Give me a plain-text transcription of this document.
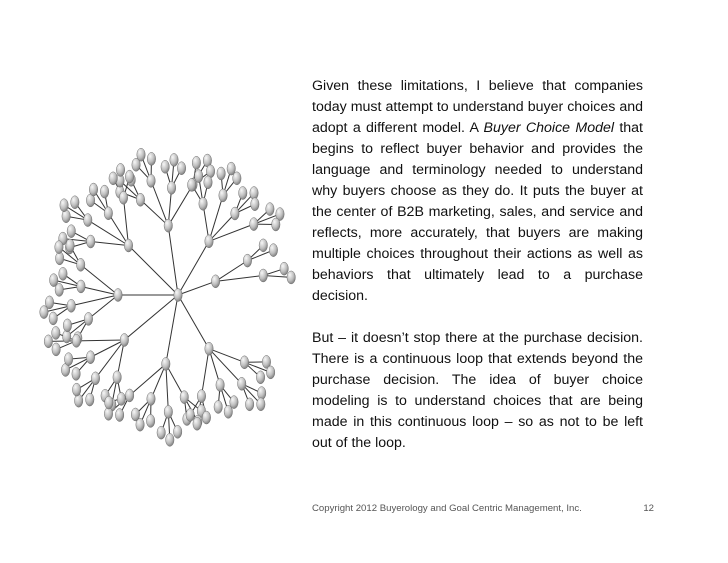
Given these limitations, I believe that companies today must attempt to understand buyer choices and adopt a different model. A Buyer Choice Model that begins to reflect buyer behavior and provides the language and terminology needed to understand why buyers choose as they do. It puts the buyer at the center of B2B marketing, sales, and service and reflects, more accurately, that buyers are making multiple choices throughout their actions as well as behaviors that ultimately lead to a purchase decision.

But – it doesn’t stop there at the purchase decision. There is a continuous loop that extends beyond the purchase decision. The idea of buyer choice modeling is to understand choices that are being made in this continuous loop – so as not to be left out of the loop.

Copyright 2012 Buyerology and Goal Centric Management, Inc.	12
